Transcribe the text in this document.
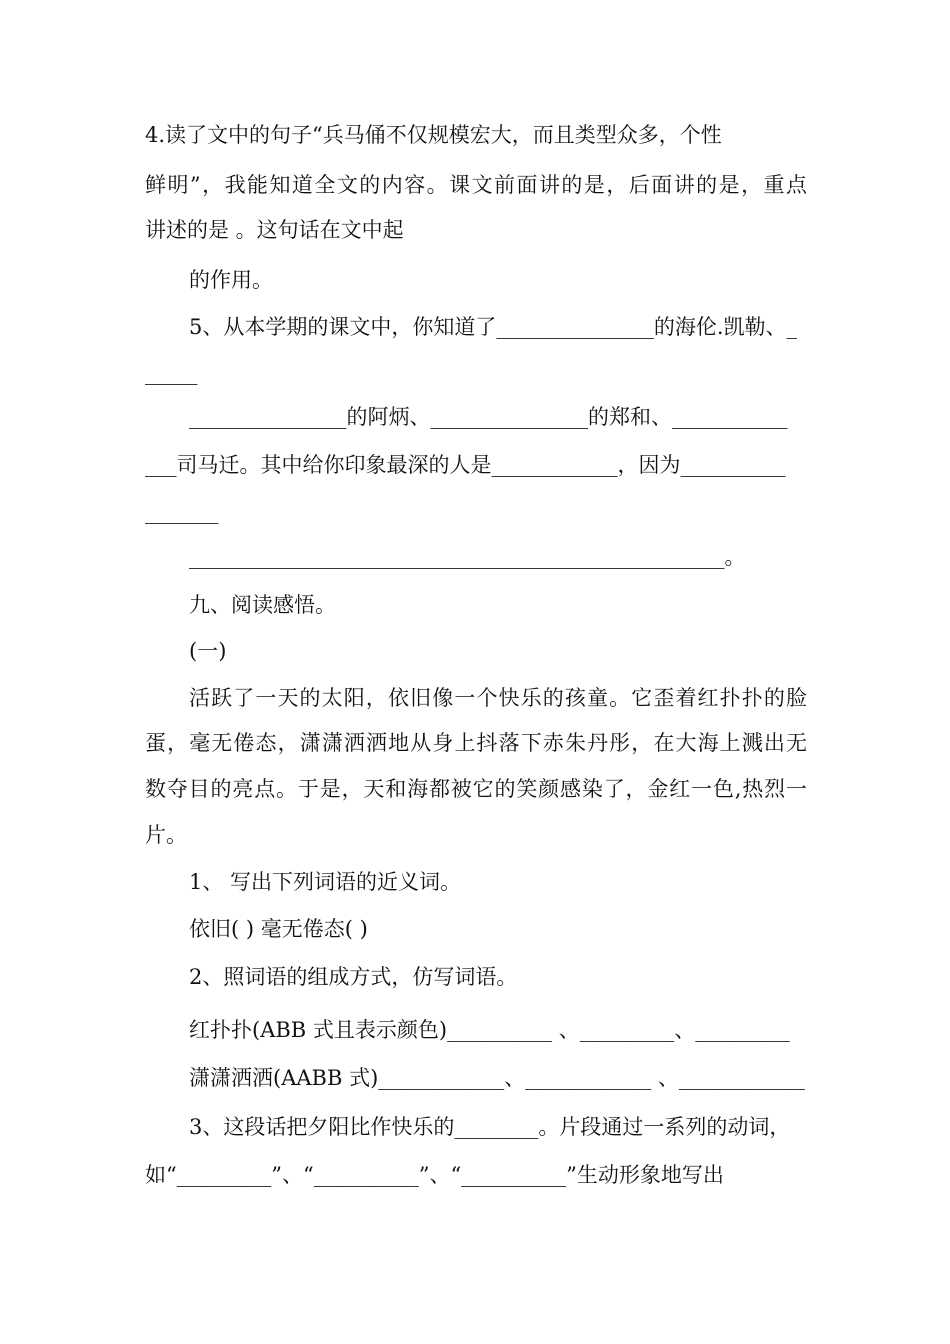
4.读了文中的句子“兵马俑不仅规模宏大，而且类型众多，个性
鲜明”，我能知道全文的内容。课文前面讲的是，后面讲的是，重点
讲述的是 。这句话在文中起
的作用。
5、从本学期的课文中，你知道了_______________的海伦.凯勒、_
_____
_______________的阿炳、_______________的郑和、___________
___司马迁。其中给你印象最深的人是____________，因为__________
_______
___________________________________________________。
九、阅读感悟。
(一)
活跃了一天的太阳，依旧像一个快乐的孩童。它歪着红扑扑的脸
蛋，毫无倦态，潇潇洒洒地从身上抖落下赤朱丹彤，在大海上溅出无
数夺目的亮点。于是，天和海都被它的笑颜感染了，金红一色,热烈一
片。
1、 写出下列词语的近义词。
依旧( ) 毫无倦态( )
2、照词语的组成方式，仿写词语。
红扑扑(ABB 式且表示颜色)__________ 、_________、_________
潇潇洒洒(AABB 式)____________、____________ 、____________
3、这段话把夕阳比作快乐的________。片段通过一系列的动词，
如“_________”、“__________”、“__________”生动形象地写出
